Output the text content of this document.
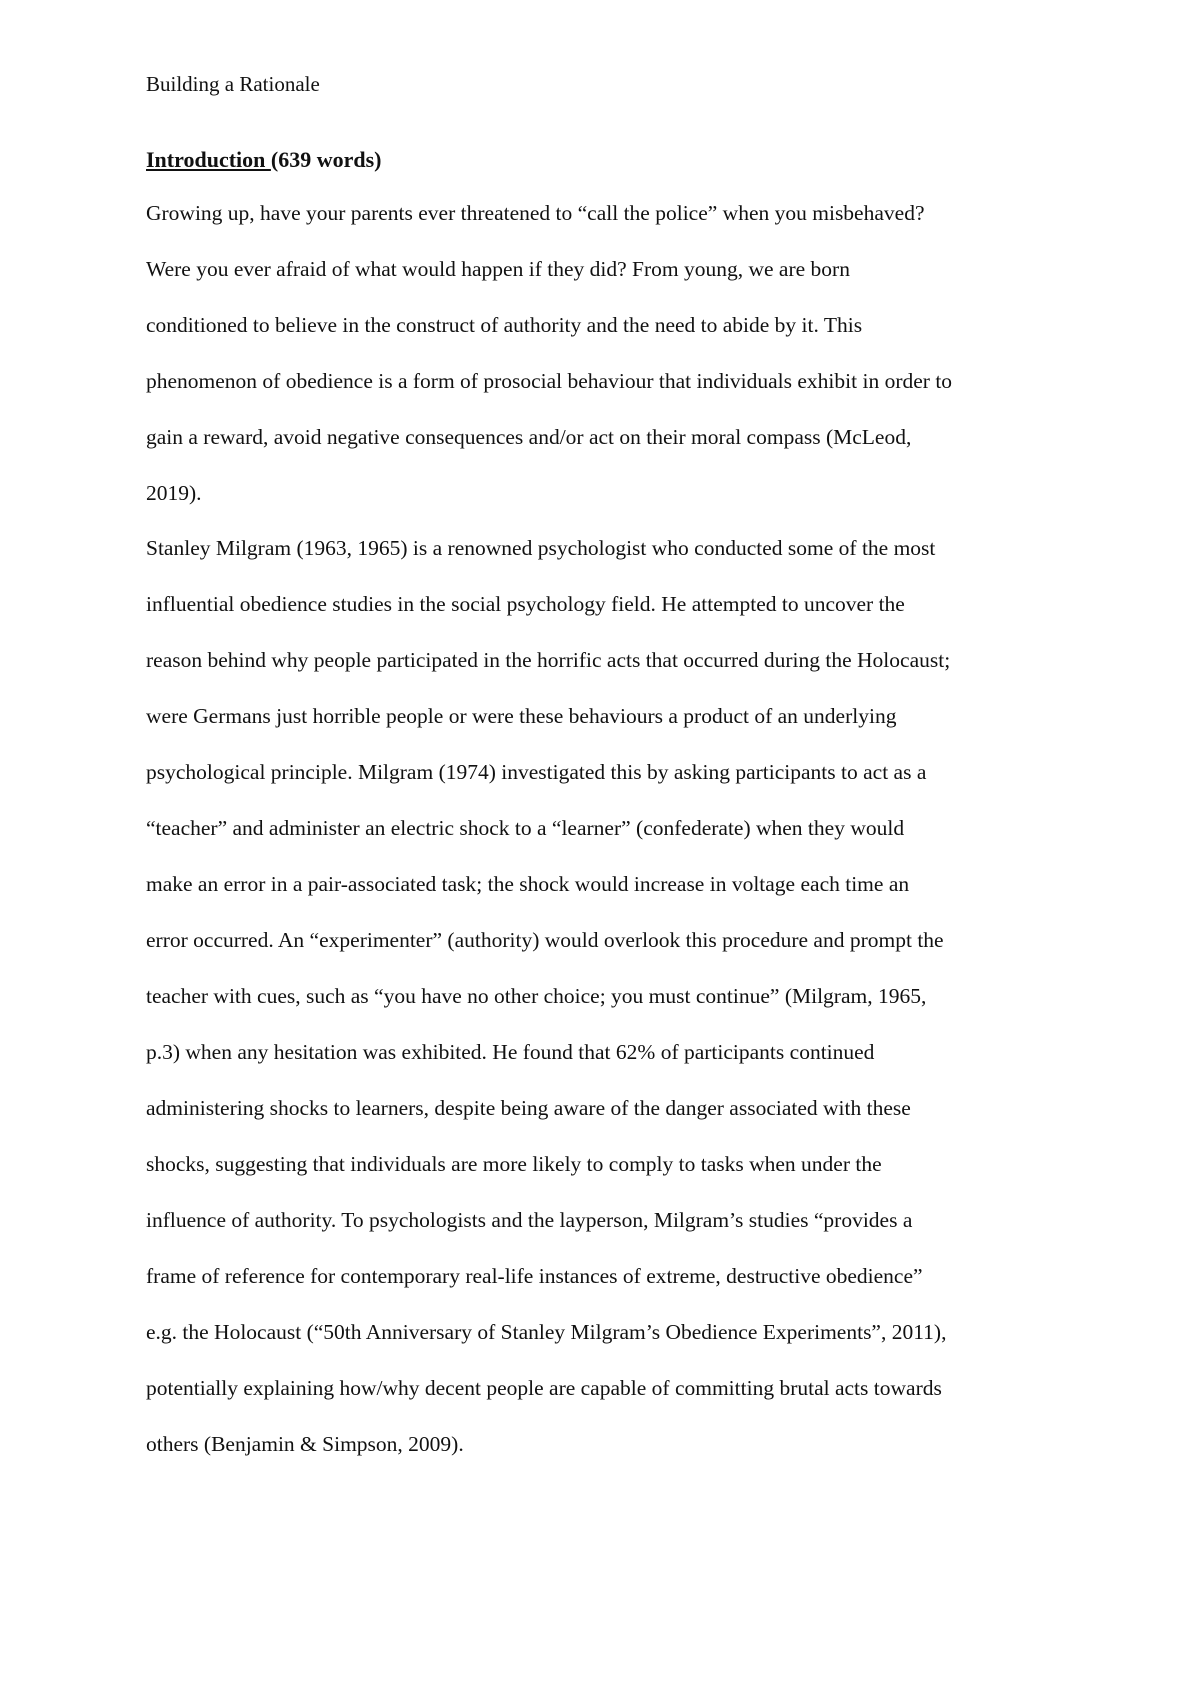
Building a Rationale
Introduction (639 words)
Growing up, have your parents ever threatened to “call the police” when you misbehaved?
Were you ever afraid of what would happen if they did? From young, we are born
conditioned to believe in the construct of authority and the need to abide by it. This
phenomenon of obedience is a form of prosocial behaviour that individuals exhibit in order to
gain a reward, avoid negative consequences and/or act on their moral compass (McLeod,
2019).
Stanley Milgram (1963, 1965) is a renowned psychologist who conducted some of the most
influential obedience studies in the social psychology field. He attempted to uncover the
reason behind why people participated in the horrific acts that occurred during the Holocaust;
were Germans just horrible people or were these behaviours a product of an underlying
psychological principle. Milgram (1974) investigated this by asking participants to act as a
“teacher” and administer an electric shock to a “learner” (confederate) when they would
make an error in a pair-associated task; the shock would increase in voltage each time an
error occurred. An “experimenter” (authority) would overlook this procedure and prompt the
teacher with cues, such as “you have no other choice; you must continue” (Milgram, 1965,
p.3) when any hesitation was exhibited. He found that 62% of participants continued
administering shocks to learners, despite being aware of the danger associated with these
shocks, suggesting that individuals are more likely to comply to tasks when under the
influence of authority. To psychologists and the layperson, Milgram’s studies “provides a
frame of reference for contemporary real-life instances of extreme, destructive obedience”
e.g. the Holocaust (“50th Anniversary of Stanley Milgram’s Obedience Experiments”, 2011),
potentially explaining how/why decent people are capable of committing brutal acts towards
others (Benjamin & Simpson, 2009).
